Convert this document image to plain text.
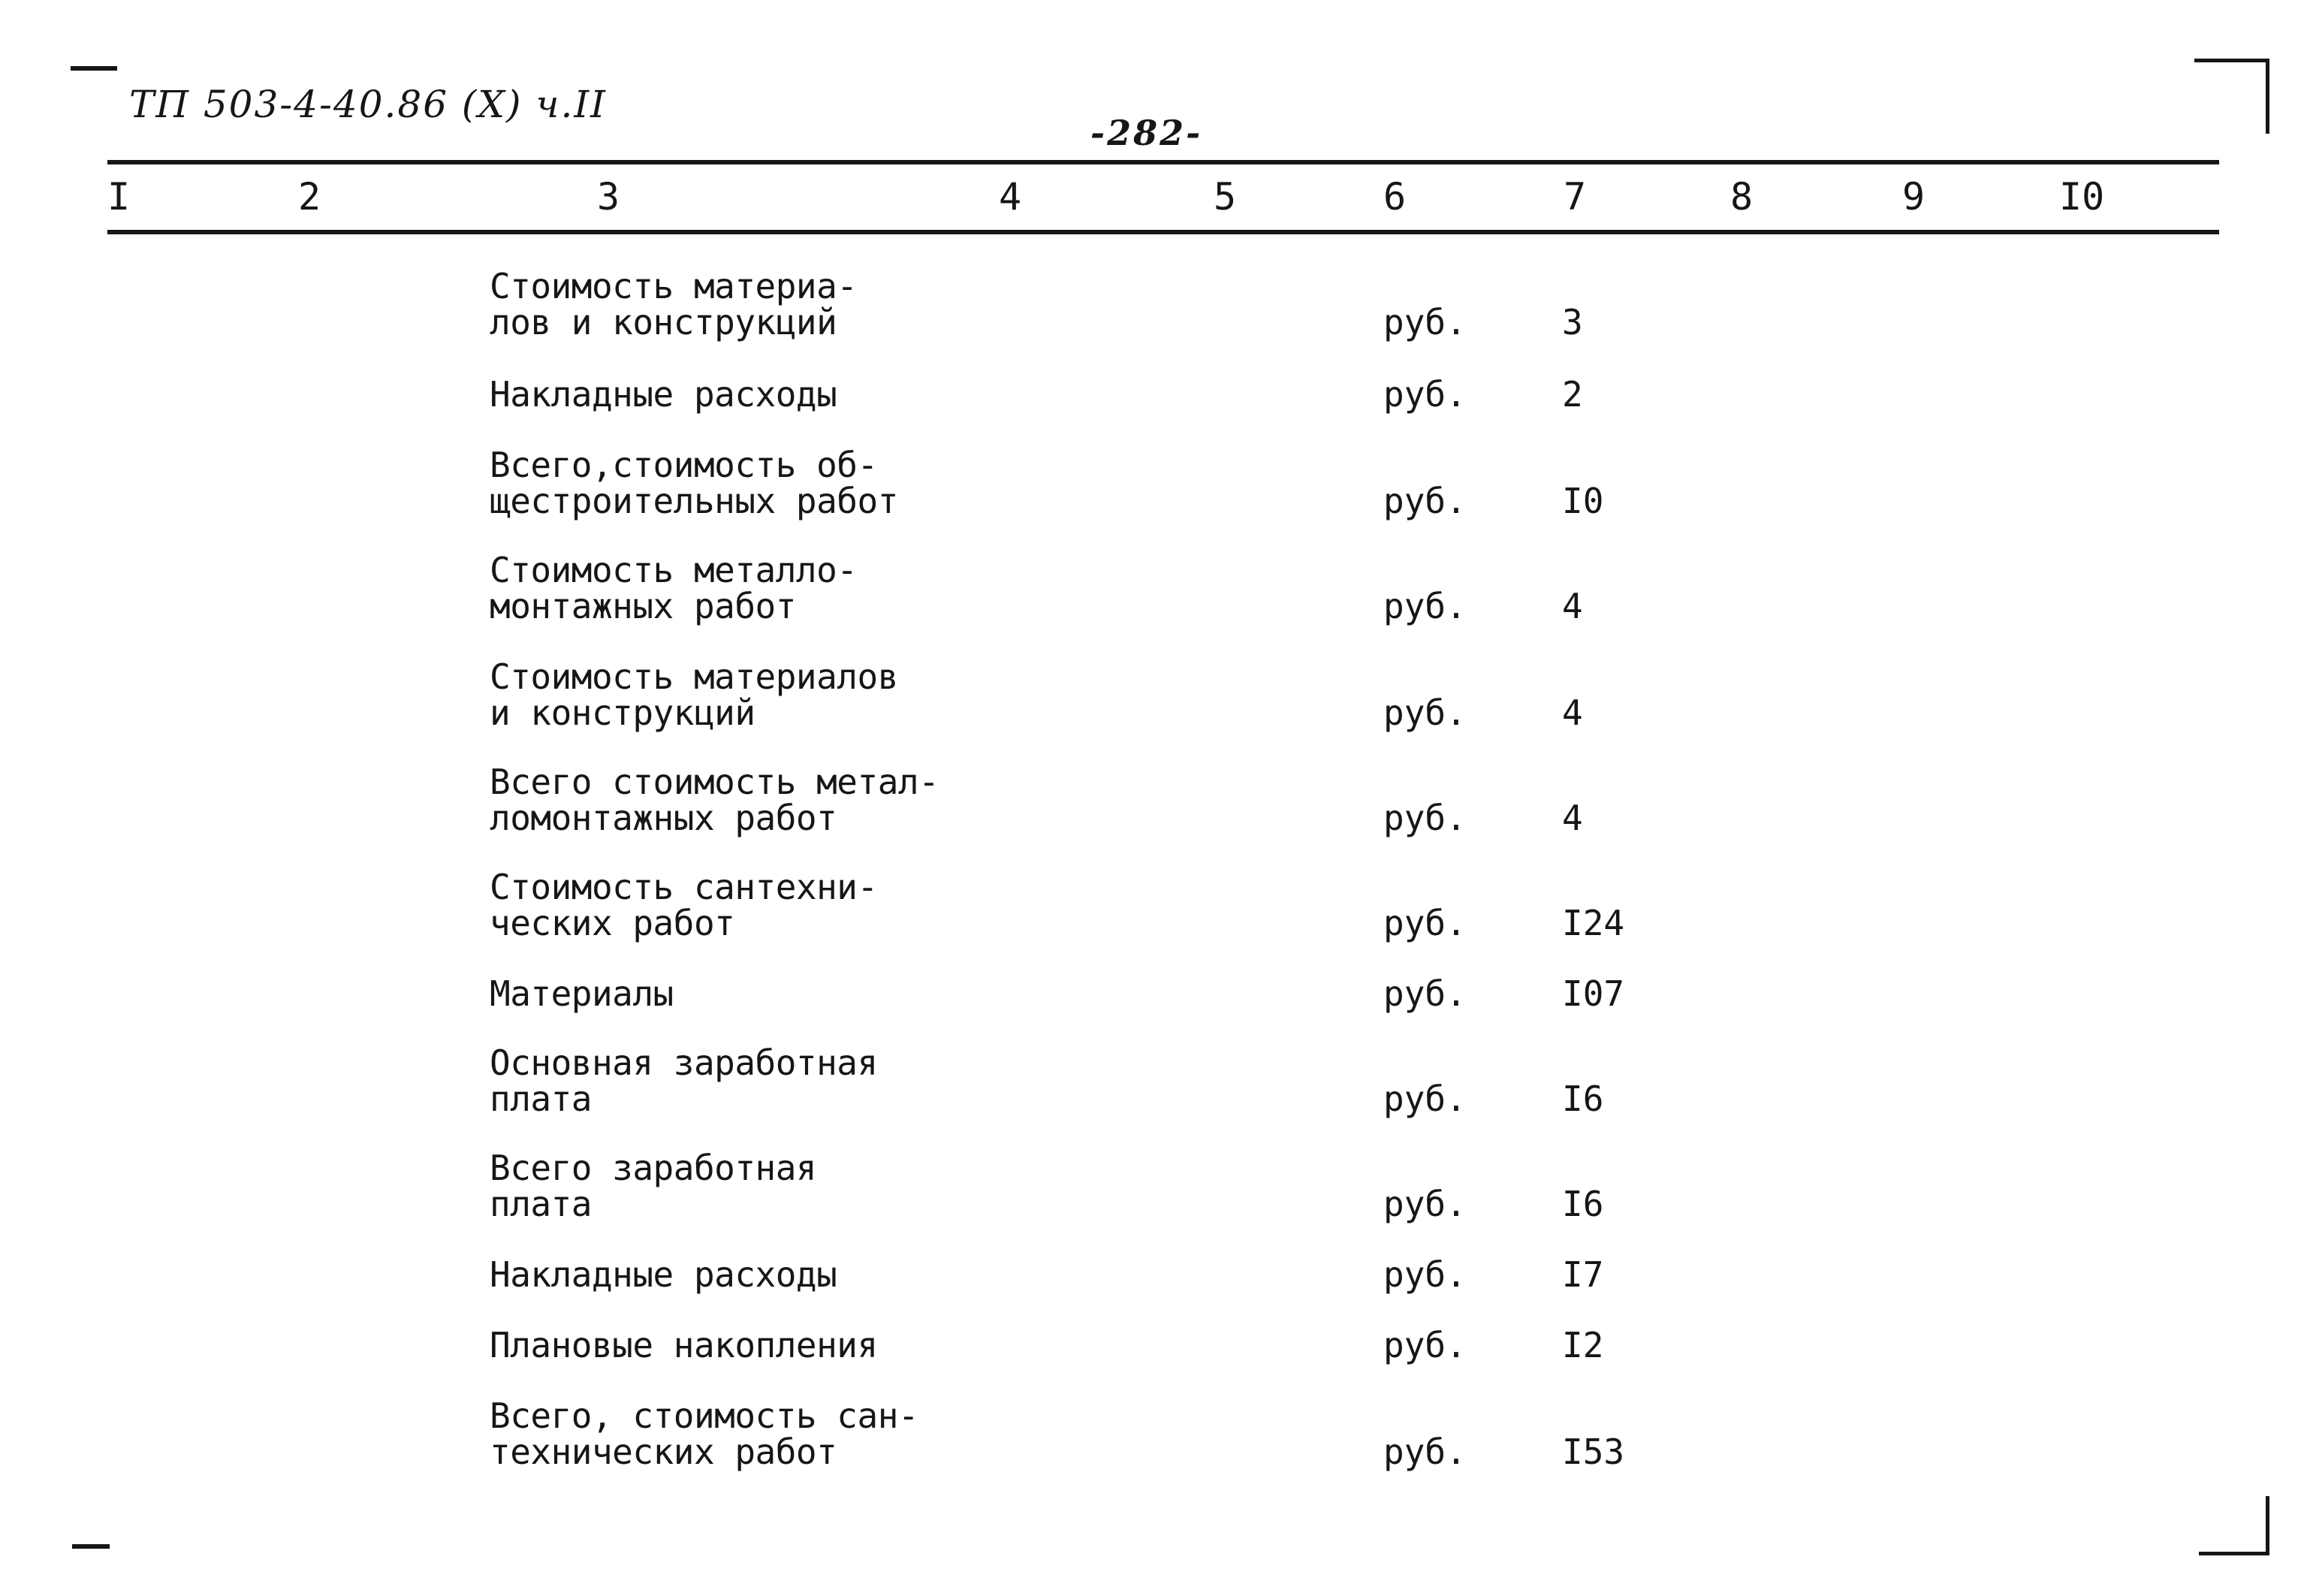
ТП 503-4-40.86 (X) ч.II
-282-
I	2	3	4	5	6	7	8	9	I0
Стоимость материа-
лов и конструкций	руб.	3
Накладные расходы	руб.	2
Всего,стоимость об-
щестроительных работ	руб.	I0
Стоимость металло-
монтажных работ	руб.	4
Стоимость материалов
и конструкций	руб.	4
Всего стоимость метал-
ломонтажных работ	руб.	4
Стоимость сантехни-
ческих работ	руб.	I24
Материалы	руб.	I07
Основная заработная
плата	руб.	I6
Всего заработная
плата	руб.	I6
Накладные расходы	руб.	I7
Плановые накопления	руб.	I2
Всего, стоимость сан-
технических работ	руб.	I53
